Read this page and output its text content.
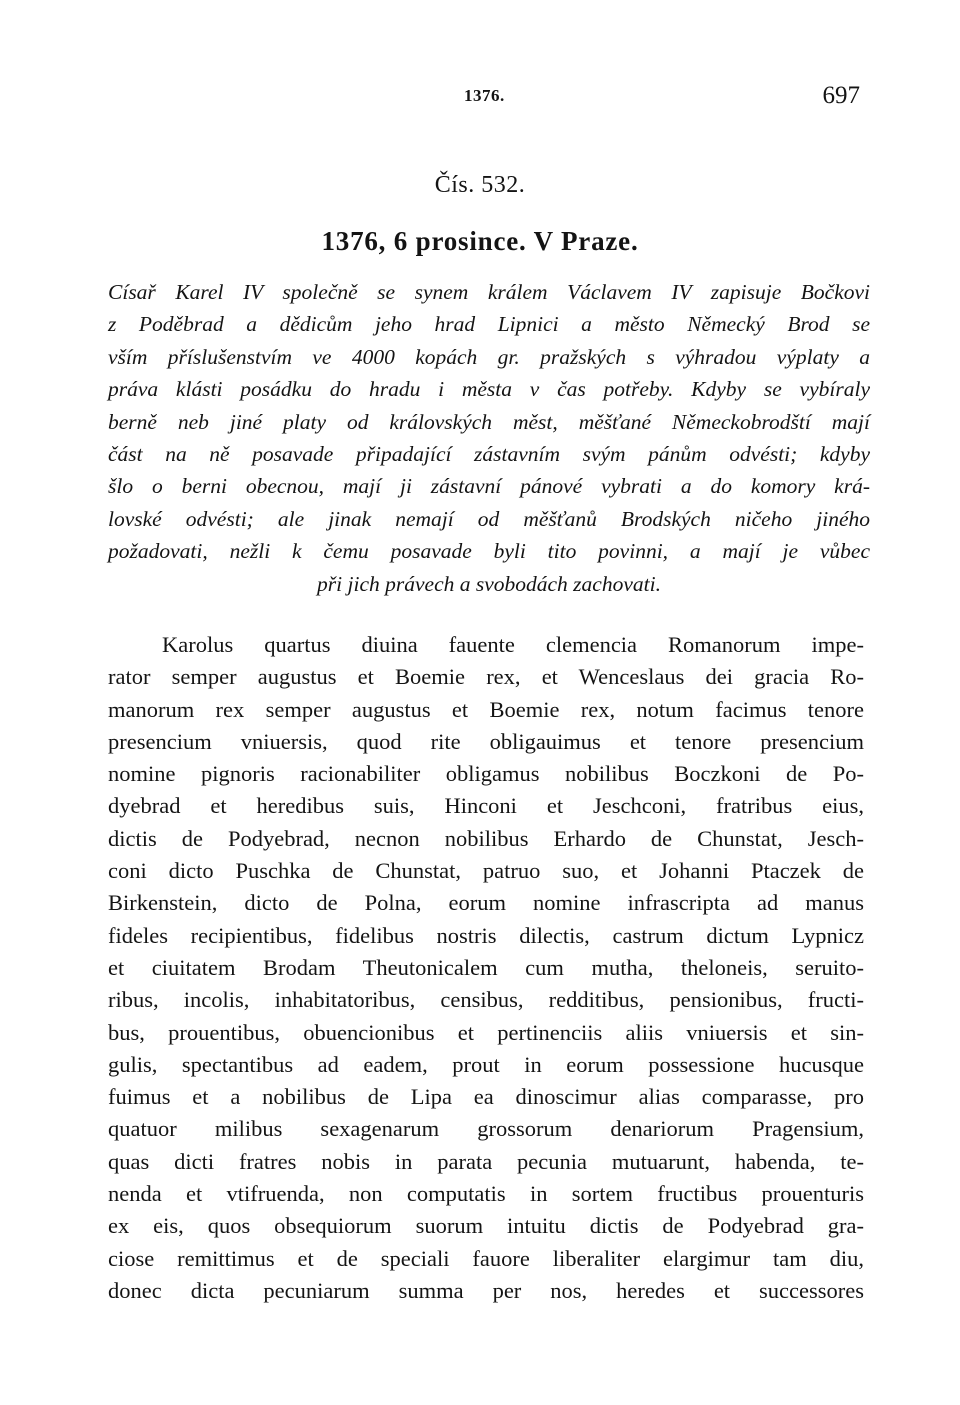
1376.	697
Čís. 532.
1376, 6 prosince. V Praze.

Císař Karel IV společně se synem králem Václavem IV zapisuje Bočkovi
z Poděbrad a dědicům jeho hrad Lipnici a město Německý Brod se
vším příslušenstvím ve 4000 kopách gr. pražských s výhradou výplaty a
práva klásti posádku do hradu i města v čas potřeby. Kdyby se vybíraly
berně neb jiné platy od královských měst, měšťané Německobrodští mají
část na ně posavade připadající zástavním svým pánům odvésti; kdyby
šlo o berni obecnou, mají ji zástavní pánové vybrati a do komory krá-
lovské odvésti; ale jinak nemají od měšťanů Brodských ničeho jiného
požadovati, nežli k čemu posavade byli tito povinni, a mají je vůbec
při jich právech a svobodách zachovati.

Karolus quartus diuina fauente clemencia Romanorum impe-
rator semper augustus et Boemie rex, et Wenceslaus dei gracia Ro-
manorum rex semper augustus et Boemie rex, notum facimus tenore
presencium vniuersis, quod rite obligauimus et tenore presencium
nomine pignoris racionabiliter obligamus nobilibus Boczkoni de Po-
dyebrad et heredibus suis, Hinconi et Jeschconi, fratribus eius,
dictis de Podyebrad, necnon nobilibus Erhardo de Chunstat, Jesch-
coni dicto Puschka de Chunstat, patruo suo, et Johanni Ptaczek de
Birkenstein, dicto de Polna, eorum nomine infrascripta ad manus
fideles recipientibus, fidelibus nostris dilectis, castrum dictum Lypnicz
et ciuitatem Brodam Theutonicalem cum mutha, theloneis, seruito-
ribus, incolis, inhabitatoribus, censibus, redditibus, pensionibus, fructi-
bus, prouentibus, obuencionibus et pertinenciis aliis vniuersis et sin-
gulis, spectantibus ad eadem, prout in eorum possessione hucusque
fuimus et a nobilibus de Lipa ea dinoscimur alias comparasse, pro
quatuor milibus sexagenarum grossorum denariorum Pragensium,
quas dicti fratres nobis in parata pecunia mutuarunt, habenda, te-
nenda et vtifruenda, non computatis in sortem fructibus prouenturis
ex eis, quos obsequiorum suorum intuitu dictis de Podyebrad gra-
ciose remittimus et de speciali fauore liberaliter elargimur tam diu,
donec dicta pecuniarum summa per nos, heredes et successores
